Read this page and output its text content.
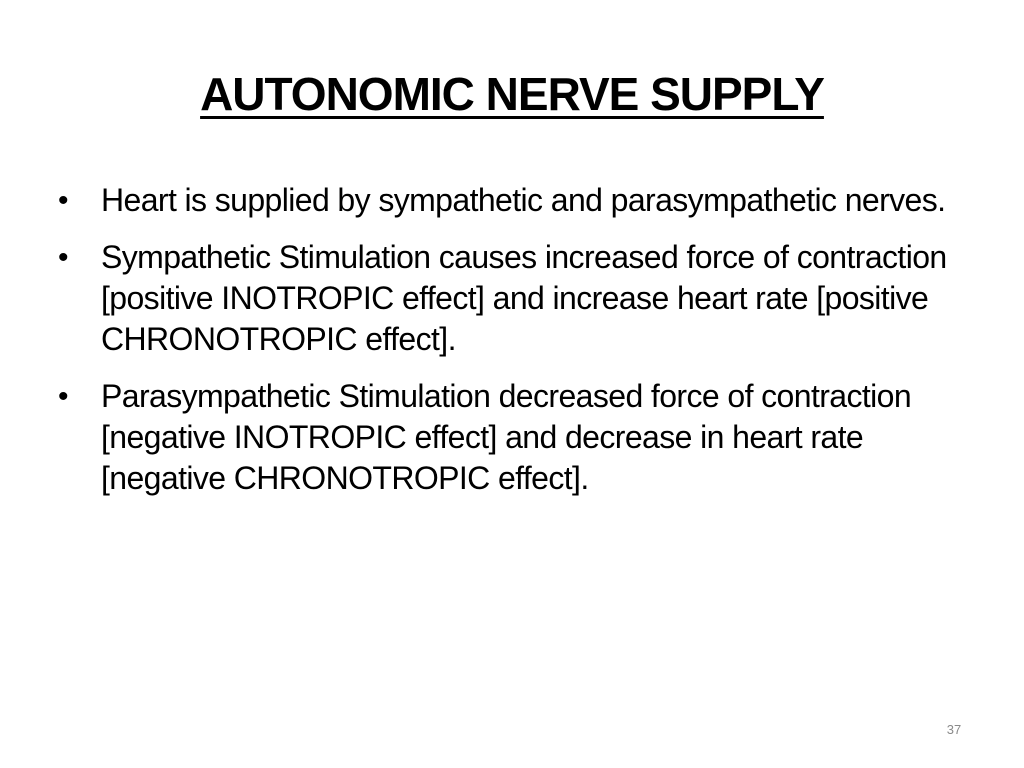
AUTONOMIC NERVE SUPPLY
•	Heart is supplied by sympathetic and parasympathetic nerves.
•	Sympathetic Stimulation causes increased force of contraction [positive INOTROPIC effect] and increase heart rate [positive CHRONOTROPIC effect].
•	Parasympathetic Stimulation decreased force of contraction [negative INOTROPIC effect] and decrease in heart rate [negative CHRONOTROPIC effect].
37
